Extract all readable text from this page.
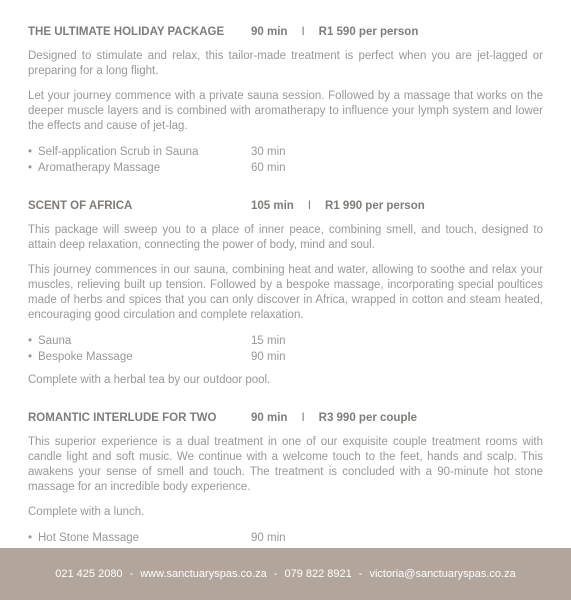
THE ULTIMATE HOLIDAY PACKAGE	90 min I R1 590 per person

Designed to stimulate and relax, this tailor-made treatment is perfect when you are jet-lagged or preparing for a long flight.

Let your journey commence with a private sauna session. Followed by a massage that works on the deeper muscle layers and is combined with aromatherapy to influence your lymph system and lower the effects and cause of jet-lag.

• Self-application Scrub in Sauna	30 min
• Aromatherapy Massage	60 min
SCENT OF AFRICA	105 min I R1 990 per person

This package will sweep you to a place of inner peace, combining smell, and touch, designed to attain deep relaxation, connecting the power of body, mind and soul.

This journey commences in our sauna, combining heat and water, allowing to soothe and relax your muscles, relieving built up tension. Followed by a bespoke massage, incorporating special poultices made of herbs and spices that you can only discover in Africa, wrapped in cotton and steam heated, encouraging good circulation and complete relaxation.

• Sauna	15 min
• Bespoke Massage	90 min

Complete with a herbal tea by our outdoor pool.

ROMANTIC INTERLUDE FOR TWO	90 min I R3 990 per couple

This superior experience is a dual treatment in one of our exquisite couple treatment rooms with candle light and soft music. We continue with a welcome touch to the feet, hands and scalp. This awakens your sense of smell and touch. The treatment is concluded with a 90-minute hot stone massage for an incredible body experience.

Complete with a lunch.

• Hot Stone Massage	90 min
021 425 2080 - www.sanctuaryspas.co.za - 079 822 8921 - victoria@sanctuaryspas.co.za
